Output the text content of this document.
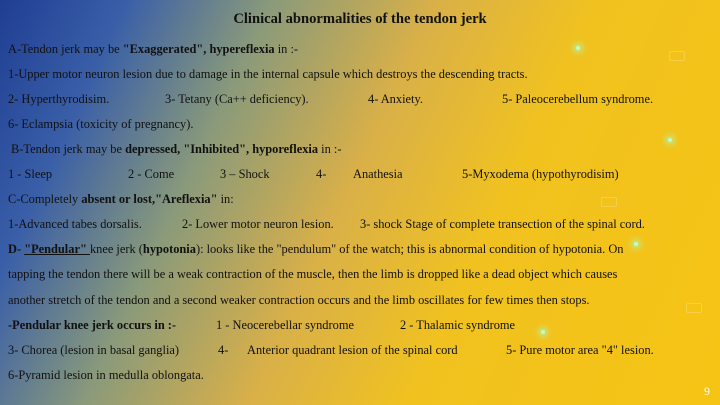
Clinical abnormalities of the tendon jerk
A-Tendon jerk may be "Exaggerated", hypereflexia in :-
1-Upper motor neuron lesion due to damage in the internal capsule which destroys the descending tracts.
2- Hyperthyrodisim.	3- Tetany (Ca++ deficiency).	4- Anxiety.	5- Paleocerebellum syndrome.
6- Eclampsia (toxicity of pregnancy).
B-Tendon jerk may be depressed, "Inhibited", hyporeflexia in :-
1 - Sleep	2 - Come	3 – Shock	4- Anathesia	5-Myxodema (hypothyrodisim)
C-Completely absent or lost,"Areflexia" in:
1-Advanced tabes dorsalis.	2- Lower motor neuron lesion. 3- shock Stage of complete transection of the spinal cord.
D- "Pendular" knee jerk (hypotonia): looks like the "pendulum" of the watch; this is abnormal condition of hypotonia. On
tapping the tendon there will be a weak contraction of the muscle, then the limb is dropped like a dead object which causes
another stretch of the tendon and a second weaker contraction occurs and the limb oscillates for few times then stops.
-Pendular knee jerk occurs in :-	1 - Neocerebellar syndrome	2 - Thalamic syndrome
3- Chorea (lesion in basal ganglia)	4- Anterior quadrant lesion of the spinal cord	5- Pure motor area "4" lesion.
6-Pyramid lesion in medulla oblongata.
9
